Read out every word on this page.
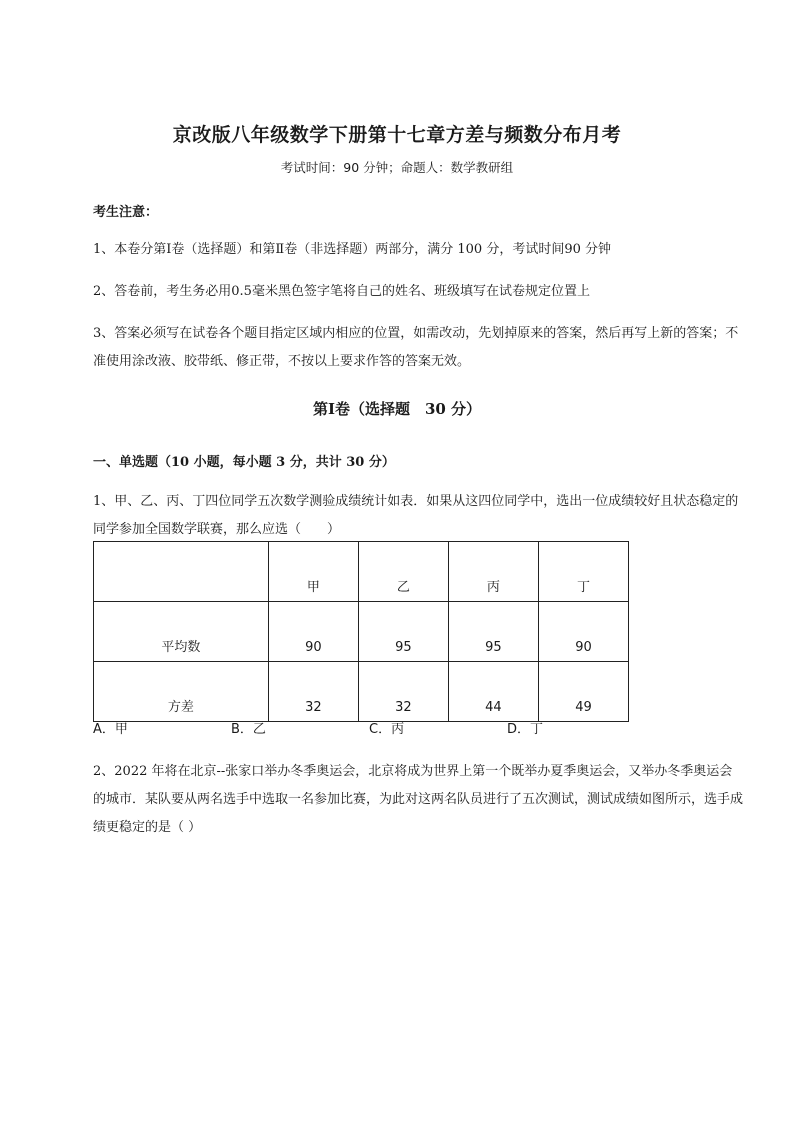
京改版八年级数学下册第十七章方差与频数分布月考
考试时间：90 分钟；命题人：数学教研组
考生注意：
1、本卷分第Ⅰ卷（选择题）和第Ⅱ卷（非选择题）两部分，满分 100 分，考试时间90 分钟
2、答卷前，考生务必用0.5毫米黑色签字笔将自己的姓名、班级填写在试卷规定位置上
3、答案必须写在试卷各个题目指定区域内相应的位置，如需改动，先划掉原来的答案，然后再写上新的答案；不准使用涂改液、胶带纸、修正带，不按以上要求作答的答案无效。
第Ⅰ卷（选择题　30 分）
一、单选题（10 小题，每小题 3 分，共计 30 分）
1、甲、乙、丙、丁四位同学五次数学测验成绩统计如表．如果从这四位同学中，选出一位成绩较好且状态稳定的同学参加全国数学联赛，那么应选（　　）
	甲	乙	丙	丁
平均数	90	95	95	90
方差	32	32	44	49
A．甲	B．乙	C．丙	D．丁
2、2022 年将在北京--张家口举办冬季奥运会，北京将成为世界上第一个既举办夏季奥运会，又举办冬季奥运会的城市．某队要从两名选手中选取一名参加比赛，为此对这两名队员进行了五次测试，测试成绩如图所示，选手成绩更稳定的是（ ）
